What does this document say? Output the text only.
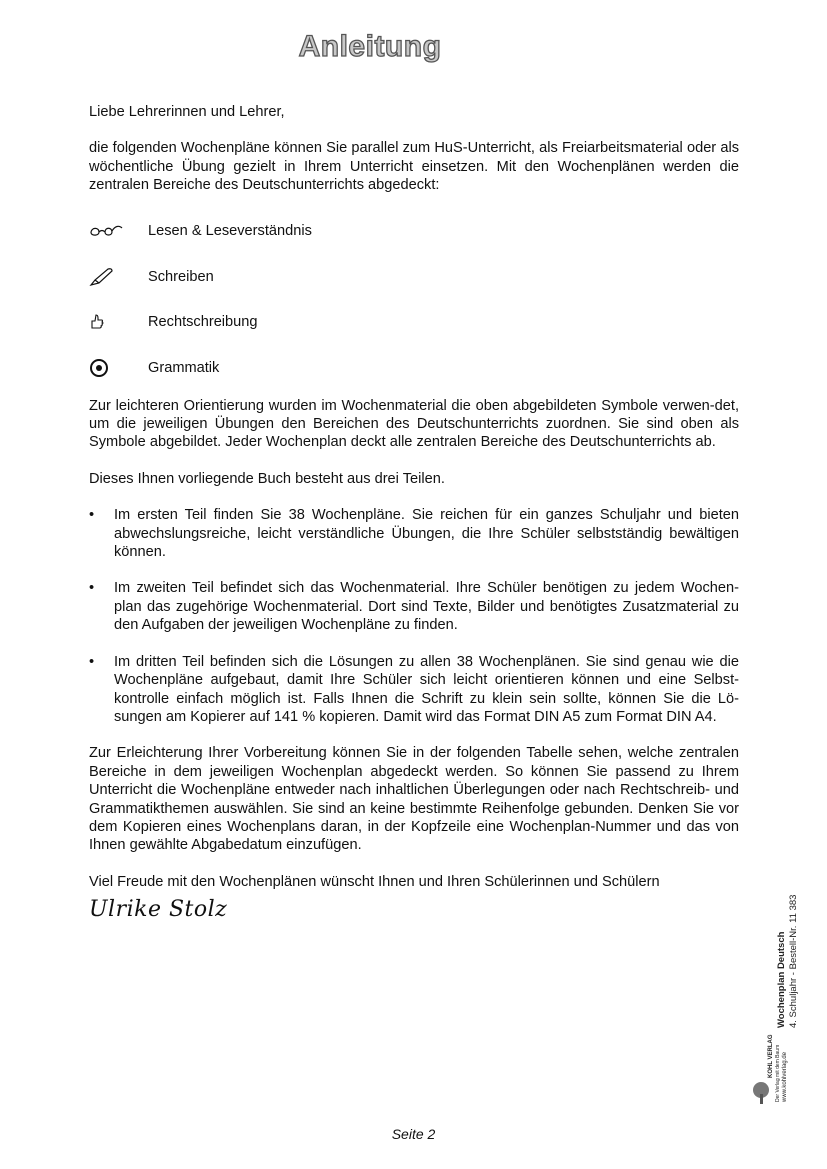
Anleitung

Liebe Lehrerinnen und Lehrer,

die folgenden Wochenpläne können Sie parallel zum HuS-Unterricht, als Freiarbeitsmaterial oder als wöchentliche Übung gezielt in Ihrem Unterricht einsetzen. Mit den Wochenplänen werden die zentralen Bereiche des Deutschunterrichts abgedeckt:

Lesen & Leseverständnis
Schreiben
Rechtschreibung
Grammatik

Zur leichteren Orientierung wurden im Wochenmaterial die oben abgebildeten Symbole verwen-det, um die jeweiligen Übungen den Bereichen des Deutschunterrichts zuordnen. Sie sind oben als Symbole abgebildet. Jeder Wochenplan deckt alle zentralen Bereiche des Deutschunterrichts ab.

Dieses Ihnen vorliegende Buch besteht aus drei Teilen.

•	Im ersten Teil finden Sie 38 Wochenpläne. Sie reichen für ein ganzes Schuljahr und bieten abwechslungsreiche, leicht verständliche Übungen, die Ihre Schüler selbstständig bewältigen können.
•	Im zweiten Teil befindet sich das Wochenmaterial. Ihre Schüler benötigen zu jedem Wochen-plan das zugehörige Wochenmaterial. Dort sind Texte, Bilder und benötigtes Zusatzmaterial zu den Aufgaben der jeweiligen Wochenpläne zu finden.
•	Im dritten Teil befinden sich die Lösungen zu allen 38 Wochenplänen. Sie sind genau wie die Wochenpläne aufgebaut, damit Ihre Schüler sich leicht orientieren können und eine Selbst-kontrolle einfach möglich ist. Falls Ihnen die Schrift zu klein sein sollte, können Sie die Lö-sungen am Kopierer auf 141 % kopieren. Damit wird das Format DIN A5 zum Format DIN A4.

Zur Erleichterung Ihrer Vorbereitung können Sie in der folgenden Tabelle sehen, welche zentralen Bereiche in dem jeweiligen Wochenplan abgedeckt werden. So können Sie passend zu Ihrem Unterricht die Wochenpläne entweder nach inhaltlichen Überlegungen oder nach Rechtschreib- und Grammatikthemen auswählen. Sie sind an keine bestimmte Reihenfolge gebunden. Denken Sie vor dem Kopieren eines Wochenplans daran, in der Kopfzeile eine Wochenplan-Nummer und das von Ihnen gewählte Abgabedatum einzufügen.

Viel Freude mit den Wochenplänen wünscht Ihnen und Ihren Schülerinnen und Schülern

Ulrike Stolz
KOHL VERLAG Der Verlag mit dem Baum www.kohlverlag.de
Wochenplan Deutsch 4. Schuljahr - Bestell-Nr. 11 383
Seite 2
